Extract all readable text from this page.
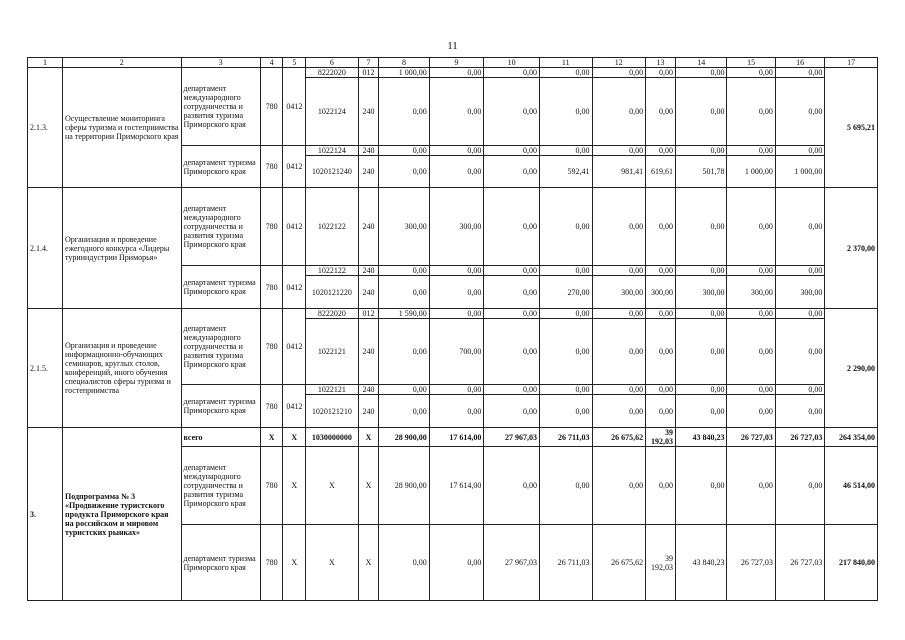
11
1	2	3	4	5	6	7	8	9	10	11	12	13	14	15	16	17
2.1.3.	Осуществление мониторинга сферы туризма и гостеприимства на территории Приморского края	департамент международного сотрудничества и развития туризма Приморского края	780	0412	8222020	012	1 000,00	0,00	0,00	0,00	0,00	0,00	0,00	0,00	0,00	5 695,21
					1022124	240	0,00	0,00	0,00	0,00	0,00	0,00	0,00	0,00	0,00	
		департамент туризма Приморского края	780	0412	1022124	240	0,00	0,00	0,00	0,00	0,00	0,00	0,00	0,00	0,00	
					1020121240	240	0,00	0,00	0,00	592,41	981,41	619,61	501,78	1 000,00	1 000,00	
2.1.4.	Организация и проведение ежегодного конкурса «Лидеры турииндустрии Приморья»	департамент международного сотрудничества и развития туризма Приморского края	780	0412	1022122	240	300,00	300,00	0,00	0,00	0,00	0,00	0,00	0,00	0,00	2 370,00
		департамент туризма Приморского края	780	0412	1022122	240	0,00	0,00	0,00	0,00	0,00	0,00	0,00	0,00	0,00	
					1020121220	240	0,00	0,00	0,00	270,00	300,00	300,00	300,00	300,00	300,00	
2.1.5.	Организация и проведение информационно-обучающих семинаров, круглых столов, конференций, иного обучения специалистов сферы туризма и гостеприимства	департамент международного сотрудничества и развития туризма Приморского края	780	0412	8222020	012	1 590,00	0,00	0,00	0,00	0,00	0,00	0,00	0,00	0,00	2 290,00
					1022121	240	0,00	700,00	0,00	0,00	0,00	0,00	0,00	0,00	0,00	
		департамент туризма Приморского края	780	0412	1022121	240	0,00	0,00	0,00	0,00	0,00	0,00	0,00	0,00	0,00	
					1020121210	240	0,00	0,00	0,00	0,00	0,00	0,00	0,00	0,00	0,00	
3.	Подпрограмма № 3 «Продвижение туристского продукта Приморского края на российском и мировом туристских рынках»	всего	Х	Х	1030000000	Х	28 900,00	17 614,00	27 967,03	26 711,03	26 675,62	39 192,03	43 840,23	26 727,03	26 727,03	264 354,00
		департамент международного сотрудничества и развития туризма Приморского края	780	Х	Х	Х	28 900,00	17 614,00	0,00	0,00	0,00	0,00	0,00	0,00	0,00	46 514,00
		департамент туризма Приморского края	780	Х	Х	Х	0,00	0,00	27 967,03	26 711,03	26 675,62	39 192,03	43 840,23	26 727,03	26 727,03	217 840,00
